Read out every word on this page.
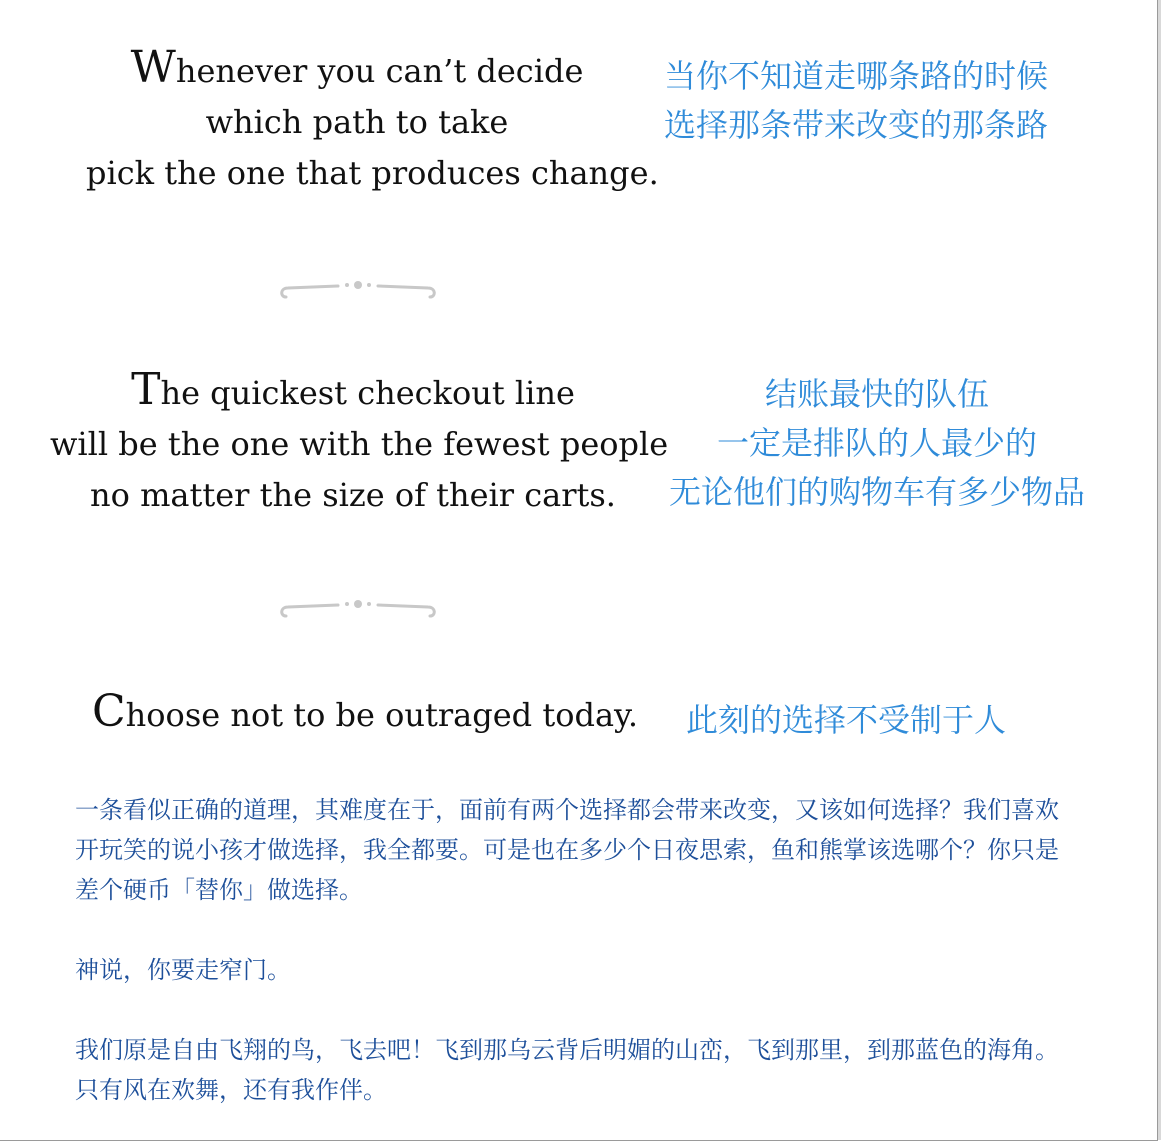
Whenever you can’t decide
which path to take
pick the one that produces change.
当你不知道走哪条路的时候
选择那条带来改变的那条路
The quickest checkout line
will be the one with the fewest people
no matter the size of their carts.
结账最快的队伍
一定是排队的人最少的
无论他们的购物车有多少物品
Choose not to be outraged today.	此刻的选择不受制于人

一条看似正确的道理，其难度在于，面前有两个选择都会带来改变，又该如何选择？我们喜欢开玩笑的说小孩才做选择，我全都要。可是也在多少个日夜思索，鱼和熊掌该选哪个？你只是差个硬币「替你」做选择。

神说，你要走窄门。

我们原是自由飞翔的鸟，飞去吧！飞到那乌云背后明媚的山峦，飞到那里，到那蓝色的海角。只有风在欢舞，还有我作伴。
